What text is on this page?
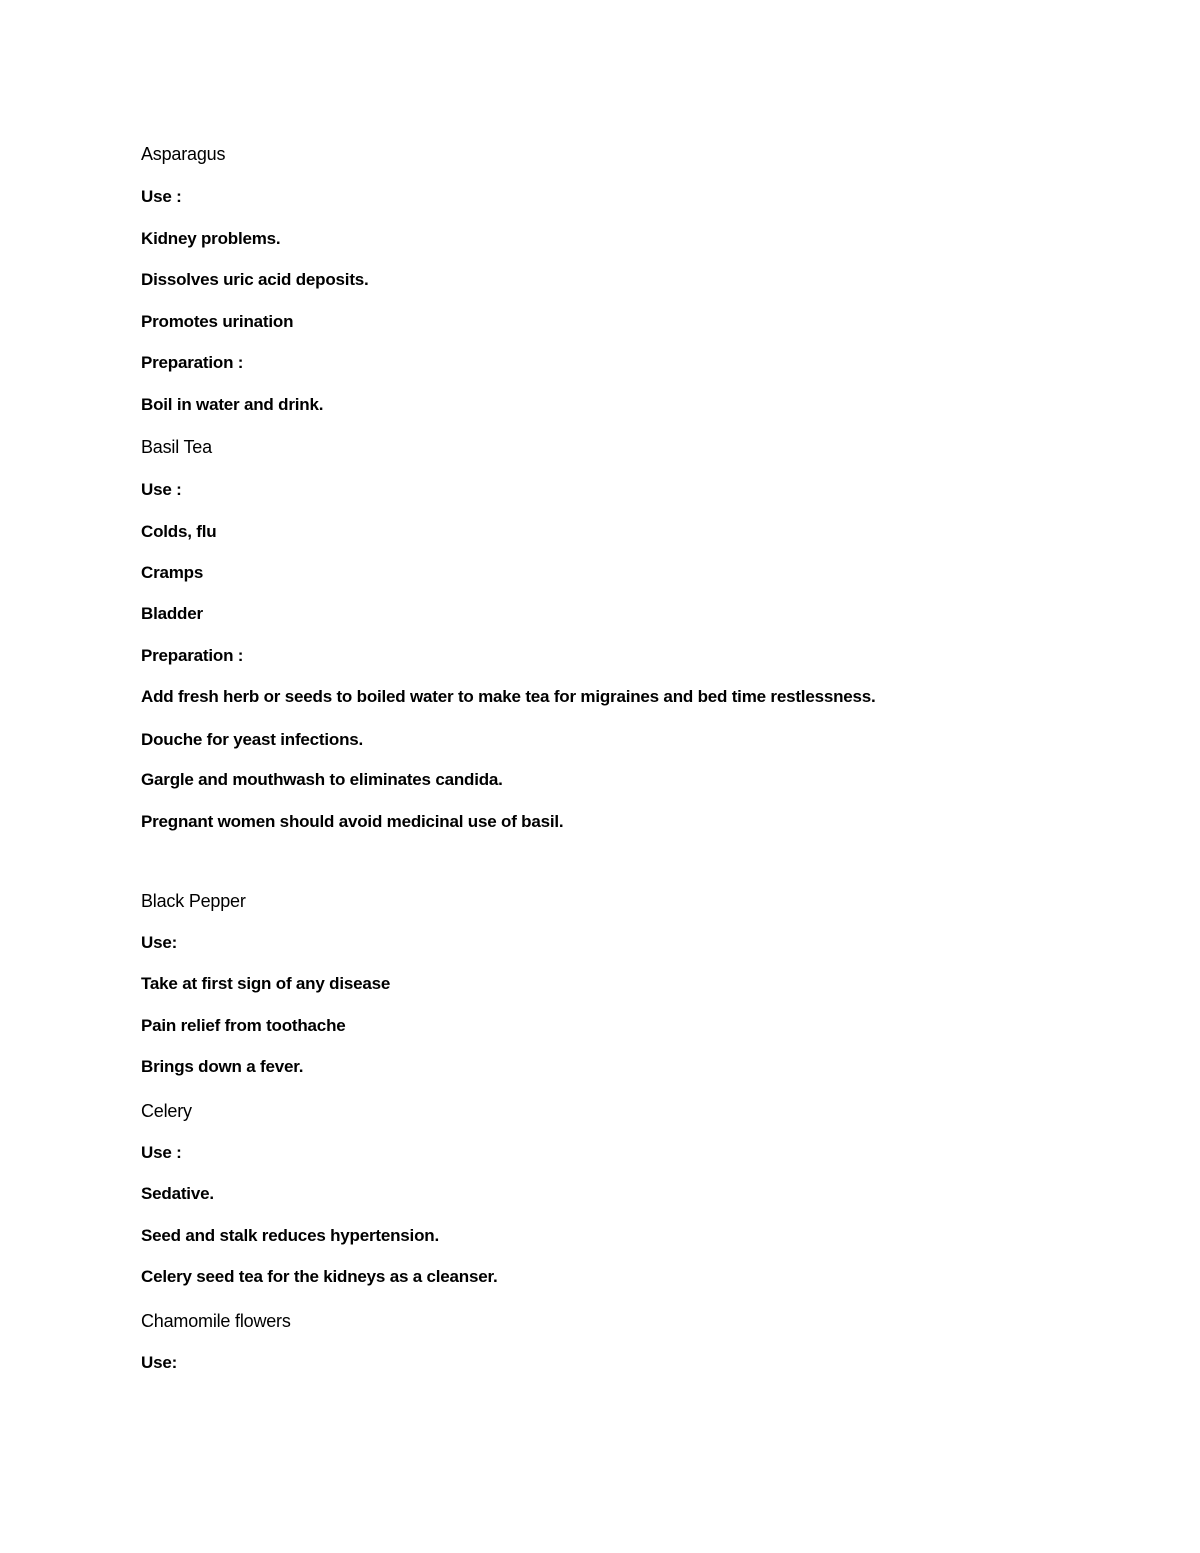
Asparagus
Use :
Kidney problems.
Dissolves uric acid deposits.
Promotes urination
Preparation :
Boil in water and drink.
Basil Tea
Use :
Colds, flu
Cramps
Bladder
Preparation :
Add fresh herb or seeds to boiled water to make tea for migraines and bed time restlessness.
Douche for yeast infections.
Gargle and mouthwash to eliminates candida.
Pregnant women should avoid medicinal use of basil.
Black Pepper
Use:
Take at first sign of any disease
Pain relief from toothache
Brings down a fever.
Celery
Use :
Sedative.
Seed and stalk reduces hypertension.
Celery seed tea for the kidneys as a cleanser.
Chamomile flowers
Use:
